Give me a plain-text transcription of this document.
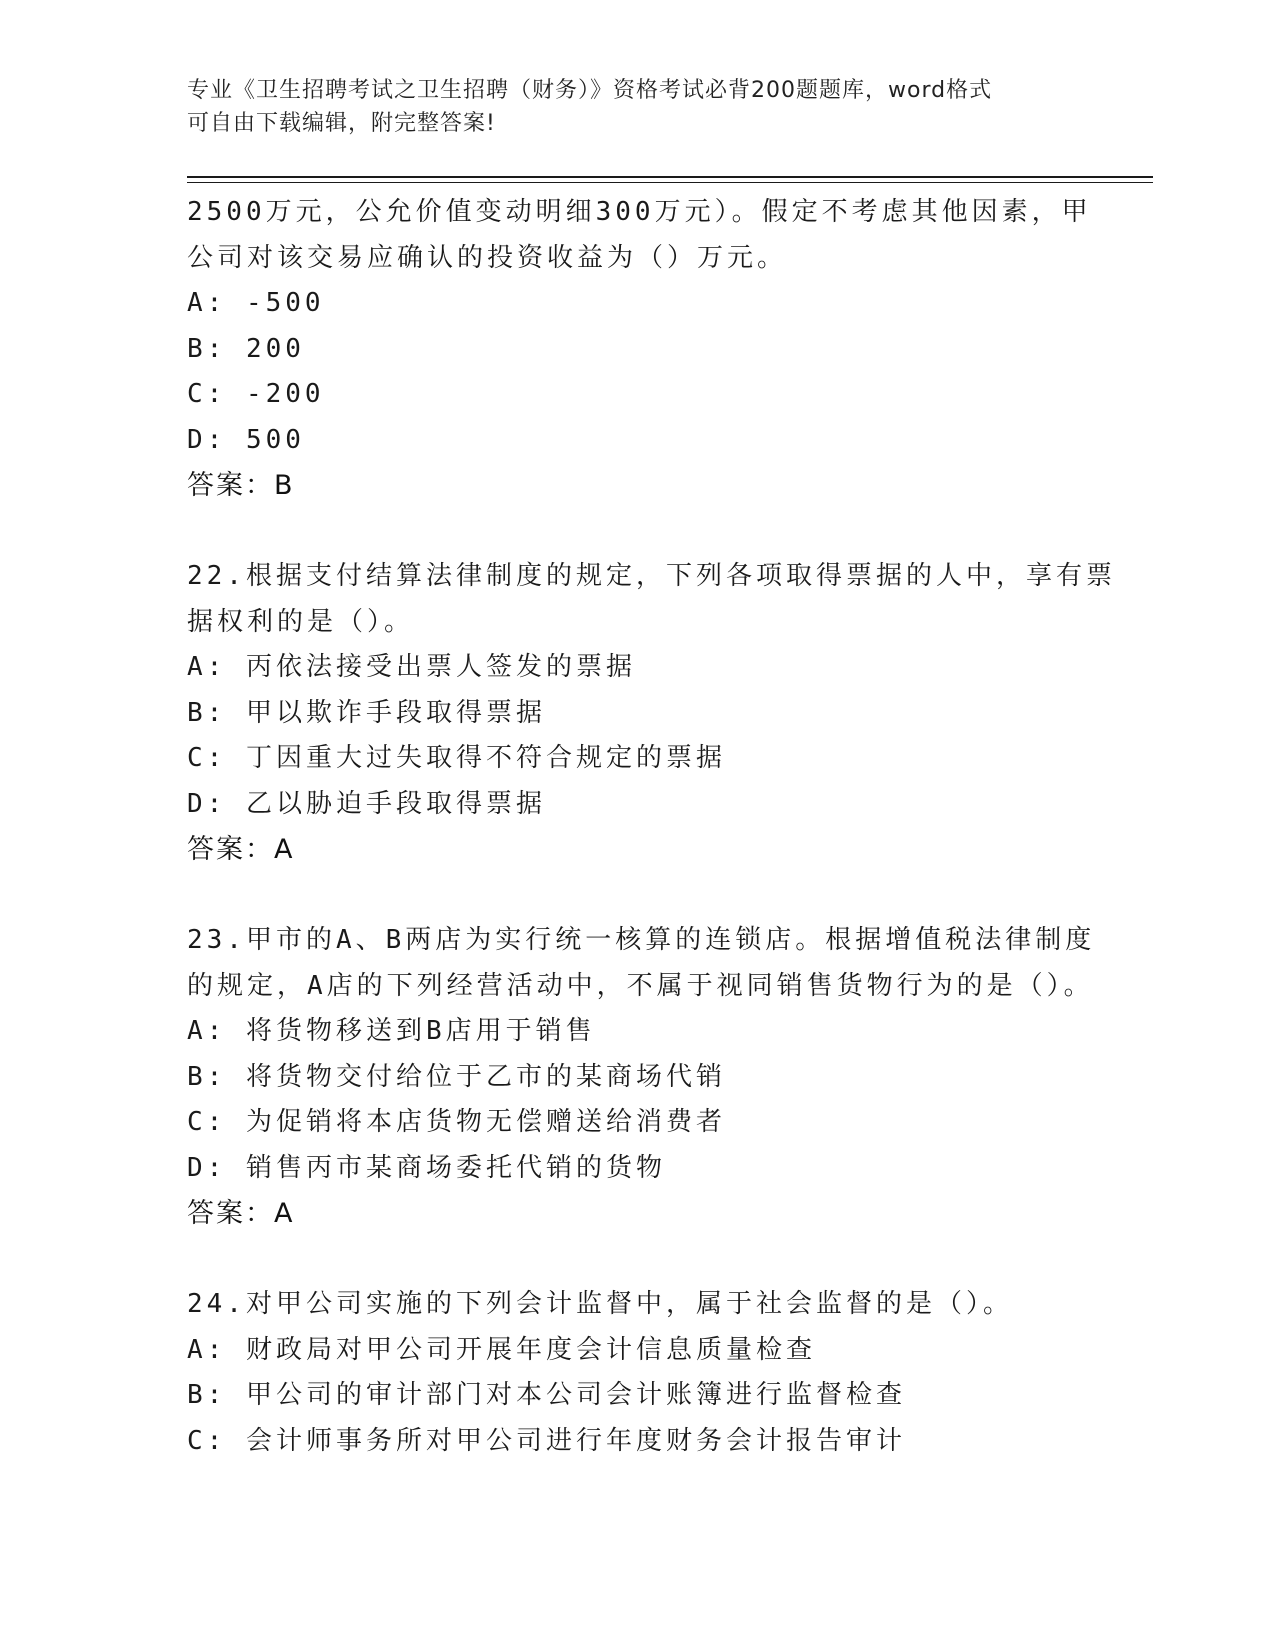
专业《卫生招聘考试之卫生招聘（财务）》资格考试必背200题题库，word格式
可自由下载编辑，附完整答案!
2500万元，公允价值变动明细300万元）。假定不考虑其他因素，甲
公司对该交易应确认的投资收益为（）万元。
A: -500
B: 200
C: -200
D: 500
答案：B
22.根据支付结算法律制度的规定，下列各项取得票据的人中，享有票
据权利的是（）。
A: 丙依法接受出票人签发的票据
B: 甲以欺诈手段取得票据
C: 丁因重大过失取得不符合规定的票据
D: 乙以胁迫手段取得票据
答案：A
23.甲市的A、B两店为实行统一核算的连锁店。根据增值税法律制度
的规定，A店的下列经营活动中，不属于视同销售货物行为的是（）。
A: 将货物移送到B店用于销售
B: 将货物交付给位于乙市的某商场代销
C: 为促销将本店货物无偿赠送给消费者
D: 销售丙市某商场委托代销的货物
答案：A
24.对甲公司实施的下列会计监督中，属于社会监督的是（）。
A: 财政局对甲公司开展年度会计信息质量检查
B: 甲公司的审计部门对本公司会计账簿进行监督检查
C: 会计师事务所对甲公司进行年度财务会计报告审计
